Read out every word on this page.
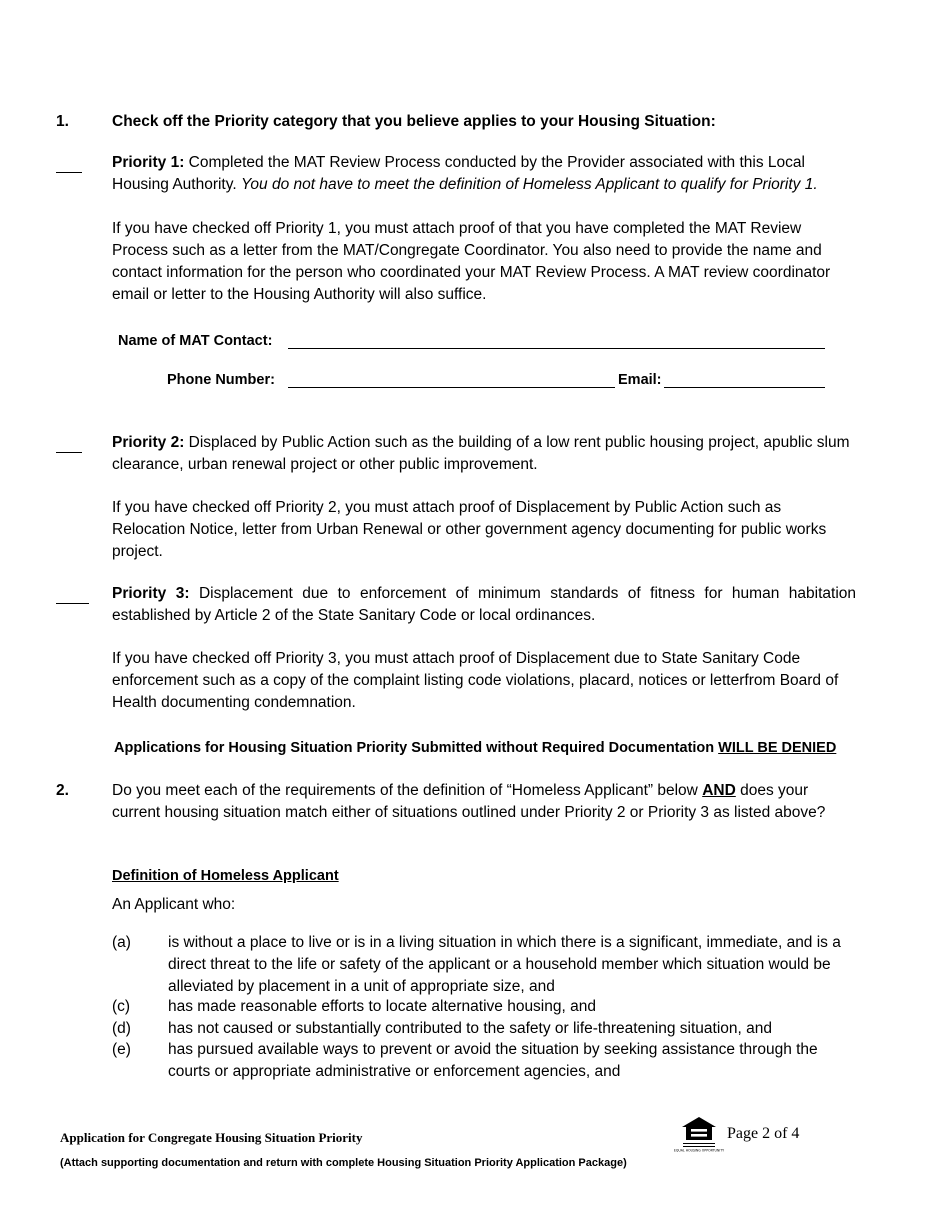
1.	Check off the Priority category that you believe applies to your Housing Situation:
Priority 1: Completed the MAT Review Process conducted by the Provider associated with this Local Housing Authority. You do not have to meet the definition of Homeless Applicant to qualify for Priority 1.
If you have checked off Priority 1, you must attach proof of that you have completed the MAT Review Process such as a letter from the MAT/Congregate Coordinator. You also need to provide the name and contact information for the person who coordinated your MAT Review Process. A MAT review coordinator email or letter to the Housing Authority will also suffice.
Name of MAT Contact:
Phone Number:	Email:
Priority 2: Displaced by Public Action such as the building of a low rent public housing project, apublic slum clearance, urban renewal project or other public improvement.
If you have checked off Priority 2, you must attach proof of Displacement by Public Action such as Relocation Notice, letter from Urban Renewal or other government agency documenting for public works project.
Priority 3: Displacement due to enforcement of minimum standards of fitness for human habitation established by Article 2 of the State Sanitary Code or local ordinances.
If you have checked off Priority 3, you must attach proof of Displacement due to State Sanitary Code enforcement such as a copy of the complaint listing code violations, placard, notices or letterfrom Board of Health documenting condemnation.
Applications for Housing Situation Priority Submitted without Required Documentation WILL BE DENIED
2.	Do you meet each of the requirements of the definition of “Homeless Applicant” below AND does your current housing situation match either of situations outlined under Priority 2 or Priority 3 as listed above?
Definition of Homeless Applicant
An Applicant who:
(a) is without a place to live or is in a living situation in which there is a significant, immediate, and is a direct threat to the life or safety of the applicant or a household member which situation would be alleviated by placement in a unit of appropriate size, and
(c) has made reasonable efforts to locate alternative housing, and
(d) has not caused or substantially contributed to the safety or life-threatening situation, and
(e) has pursued available ways to prevent or avoid the situation by seeking assistance through the courts or appropriate administrative or enforcement agencies, and
Application for Congregate Housing Situation Priority
(Attach supporting documentation and return with complete Housing Situation Priority Application Package)
EQUAL HOUSING OPPORTUNITY
Page 2 of 4
